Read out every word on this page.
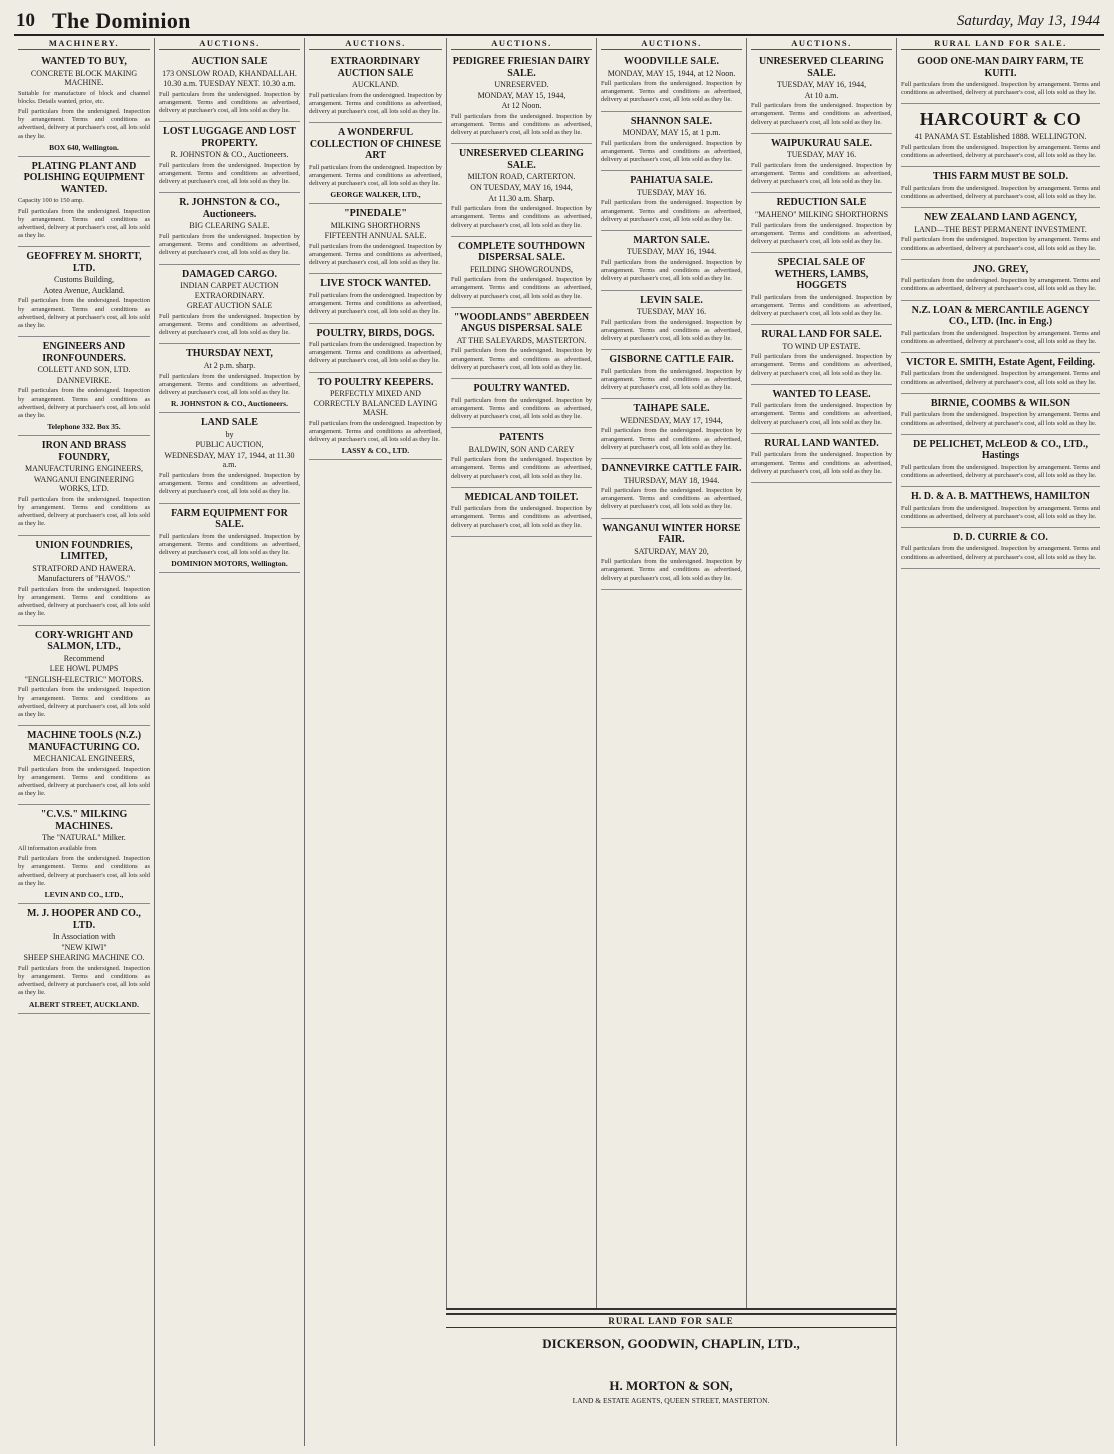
10 The Dominion	Saturday, May 13, 1944
MACHINERY.
WANTED TO BUY,
CONCRETE BLOCK MAKING MACHINE.
Suitable for manufacture of block and channel blocks. Details wanted, price, etc.
Full particulars from the undersigned. Inspection by arrangement. Terms and conditions as advertised, delivery at purchaser's cost, all lots sold as they lie.
BOX 640, Wellington.
PLATING PLANT AND POLISHING EQUIPMENT WANTED.
Capacity 100 to 150 amp.
Full particulars from the undersigned. Inspection by arrangement. Terms and conditions as advertised, delivery at purchaser's cost, all lots sold as they lie.
GEOFFREY M. SHORTT, LTD.
Customs Building,
Aotea Avenue, Auckland.
Full particulars from the undersigned. Inspection by arrangement. Terms and conditions as advertised, delivery at purchaser's cost, all lots sold as they lie.
ENGINEERS AND IRONFOUNDERS.
COLLETT AND SON, LTD.
DANNEVIRKE.
Full particulars from the undersigned. Inspection by arrangement. Terms and conditions as advertised, delivery at purchaser's cost, all lots sold as they lie.
Telephone 332. Box 35.
IRON AND BRASS FOUNDRY,
MANUFACTURING ENGINEERS,
WANGANUI ENGINEERING WORKS, LTD.
Full particulars from the undersigned. Inspection by arrangement. Terms and conditions as advertised, delivery at purchaser's cost, all lots sold as they lie.
UNION FOUNDRIES, LIMITED,
STRATFORD AND HAWERA.
Manufacturers of "HAVOS."
Full particulars from the undersigned. Inspection by arrangement. Terms and conditions as advertised, delivery at purchaser's cost, all lots sold as they lie.
CORY-WRIGHT AND SALMON, LTD.,
Recommend
LEE HOWL PUMPS
"ENGLISH-ELECTRIC" MOTORS.
Full particulars from the undersigned. Inspection by arrangement. Terms and conditions as advertised, delivery at purchaser's cost, all lots sold as they lie.
MACHINE TOOLS (N.Z.) MANUFACTURING CO.
MECHANICAL ENGINEERS,
Full particulars from the undersigned. Inspection by arrangement. Terms and conditions as advertised, delivery at purchaser's cost, all lots sold as they lie.
"C.V.S." MILKING MACHINES.
The "NATURAL" Milker.
All information available from
Full particulars from the undersigned. Inspection by arrangement. Terms and conditions as advertised, delivery at purchaser's cost, all lots sold as they lie.
LEVIN AND CO., LTD.,
M. J. HOOPER AND CO., LTD.
In Association with
"NEW KIWI"
SHEEP SHEARING MACHINE CO.
Full particulars from the undersigned. Inspection by arrangement. Terms and conditions as advertised, delivery at purchaser's cost, all lots sold as they lie.
ALBERT STREET, AUCKLAND.
AUCTIONS.
AUCTION SALE
173 ONSLOW ROAD, KHANDALLAH.
10.30 a.m. TUESDAY NEXT. 10.30 a.m.
Full particulars from the undersigned. Inspection by arrangement. Terms and conditions as advertised, delivery at purchaser's cost, all lots sold as they lie.
LOST LUGGAGE AND LOST PROPERTY.
R. JOHNSTON & CO., Auctioneers.
Full particulars from the undersigned. Inspection by arrangement. Terms and conditions as advertised, delivery at purchaser's cost, all lots sold as they lie.
R. JOHNSTON & CO., Auctioneers.
BIG CLEARING SALE.
Full particulars from the undersigned. Inspection by arrangement. Terms and conditions as advertised, delivery at purchaser's cost, all lots sold as they lie.
DAMAGED CARGO.
INDIAN CARPET AUCTION EXTRAORDINARY.
GREAT AUCTION SALE
Full particulars from the undersigned. Inspection by arrangement. Terms and conditions as advertised, delivery at purchaser's cost, all lots sold as they lie.
THURSDAY NEXT,
At 2 p.m. sharp.
Full particulars from the undersigned. Inspection by arrangement. Terms and conditions as advertised, delivery at purchaser's cost, all lots sold as they lie.
R. JOHNSTON & CO., Auctioneers.
LAND SALE
by
PUBLIC AUCTION,
WEDNESDAY, MAY 17, 1944, at 11.30 a.m.
Full particulars from the undersigned. Inspection by arrangement. Terms and conditions as advertised, delivery at purchaser's cost, all lots sold as they lie.
FARM EQUIPMENT FOR SALE.
Full particulars from the undersigned. Inspection by arrangement. Terms and conditions as advertised, delivery at purchaser's cost, all lots sold as they lie.
DOMINION MOTORS, Wellington.
AUCTIONS.
EXTRAORDINARY AUCTION SALE
AUCKLAND.
Full particulars from the undersigned. Inspection by arrangement. Terms and conditions as advertised, delivery at purchaser's cost, all lots sold as they lie.
A WONDERFUL COLLECTION OF CHINESE ART
Full particulars from the undersigned. Inspection by arrangement. Terms and conditions as advertised, delivery at purchaser's cost, all lots sold as they lie.
GEORGE WALKER, LTD.,
"PINEDALE"
MILKING SHORTHORNS
FIFTEENTH ANNUAL SALE.
Full particulars from the undersigned. Inspection by arrangement. Terms and conditions as advertised, delivery at purchaser's cost, all lots sold as they lie.
LIVE STOCK WANTED.
Full particulars from the undersigned. Inspection by arrangement. Terms and conditions as advertised, delivery at purchaser's cost, all lots sold as they lie.
POULTRY, BIRDS, DOGS.
Full particulars from the undersigned. Inspection by arrangement. Terms and conditions as advertised, delivery at purchaser's cost, all lots sold as they lie.
TO POULTRY KEEPERS.
PERFECTLY MIXED AND CORRECTLY BALANCED LAYING MASH.
Full particulars from the undersigned. Inspection by arrangement. Terms and conditions as advertised, delivery at purchaser's cost, all lots sold as they lie.
LASSY & CO., LTD.
AUCTIONS.
PEDIGREE FRIESIAN DAIRY SALE.
UNRESERVED.
MONDAY, MAY 15, 1944,
At 12 Noon.
Full particulars from the undersigned. Inspection by arrangement. Terms and conditions as advertised, delivery at purchaser's cost, all lots sold as they lie.
UNRESERVED CLEARING SALE.
MILTON ROAD, CARTERTON.
ON TUESDAY, MAY 16, 1944,
At 11.30 a.m. Sharp.
Full particulars from the undersigned. Inspection by arrangement. Terms and conditions as advertised, delivery at purchaser's cost, all lots sold as they lie.
COMPLETE SOUTHDOWN DISPERSAL SALE.
FEILDING SHOWGROUNDS,
Full particulars from the undersigned. Inspection by arrangement. Terms and conditions as advertised, delivery at purchaser's cost, all lots sold as they lie.
"WOODLANDS" ABERDEEN ANGUS DISPERSAL SALE
AT THE SALEYARDS, MASTERTON.
Full particulars from the undersigned. Inspection by arrangement. Terms and conditions as advertised, delivery at purchaser's cost, all lots sold as they lie.
POULTRY WANTED.
Full particulars from the undersigned. Inspection by arrangement. Terms and conditions as advertised, delivery at purchaser's cost, all lots sold as they lie.
PATENTS
BALDWIN, SON AND CAREY
Full particulars from the undersigned. Inspection by arrangement. Terms and conditions as advertised, delivery at purchaser's cost, all lots sold as they lie.
MEDICAL AND TOILET.
Full particulars from the undersigned. Inspection by arrangement. Terms and conditions as advertised, delivery at purchaser's cost, all lots sold as they lie.
AUCTIONS.
WOODVILLE SALE.
MONDAY, MAY 15, 1944, at 12 Noon.
Full particulars from the undersigned. Inspection by arrangement. Terms and conditions as advertised, delivery at purchaser's cost, all lots sold as they lie.
SHANNON SALE.
MONDAY, MAY 15, at 1 p.m.
Full particulars from the undersigned. Inspection by arrangement. Terms and conditions as advertised, delivery at purchaser's cost, all lots sold as they lie.
PAHIATUA SALE.
TUESDAY, MAY 16.
Full particulars from the undersigned. Inspection by arrangement. Terms and conditions as advertised, delivery at purchaser's cost, all lots sold as they lie.
MARTON SALE.
TUESDAY, MAY 16, 1944.
Full particulars from the undersigned. Inspection by arrangement. Terms and conditions as advertised, delivery at purchaser's cost, all lots sold as they lie.
LEVIN SALE.
TUESDAY, MAY 16.
Full particulars from the undersigned. Inspection by arrangement. Terms and conditions as advertised, delivery at purchaser's cost, all lots sold as they lie.
GISBORNE CATTLE FAIR.
Full particulars from the undersigned. Inspection by arrangement. Terms and conditions as advertised, delivery at purchaser's cost, all lots sold as they lie.
TAIHAPE SALE.
WEDNESDAY, MAY 17, 1944,
Full particulars from the undersigned. Inspection by arrangement. Terms and conditions as advertised, delivery at purchaser's cost, all lots sold as they lie.
DANNEVIRKE CATTLE FAIR.
THURSDAY, MAY 18, 1944.
Full particulars from the undersigned. Inspection by arrangement. Terms and conditions as advertised, delivery at purchaser's cost, all lots sold as they lie.
WANGANUI WINTER HORSE FAIR.
SATURDAY, MAY 20,
Full particulars from the undersigned. Inspection by arrangement. Terms and conditions as advertised, delivery at purchaser's cost, all lots sold as they lie.
AUCTIONS.
UNRESERVED CLEARING SALE.
TUESDAY, MAY 16, 1944,
At 10 a.m.
Full particulars from the undersigned. Inspection by arrangement. Terms and conditions as advertised, delivery at purchaser's cost, all lots sold as they lie.
WAIPUKURAU SALE.
TUESDAY, MAY 16.
Full particulars from the undersigned. Inspection by arrangement. Terms and conditions as advertised, delivery at purchaser's cost, all lots sold as they lie.
REDUCTION SALE
"MAHENO" MILKING SHORTHORNS
Full particulars from the undersigned. Inspection by arrangement. Terms and conditions as advertised, delivery at purchaser's cost, all lots sold as they lie.
SPECIAL SALE OF WETHERS, LAMBS, HOGGETS
Full particulars from the undersigned. Inspection by arrangement. Terms and conditions as advertised, delivery at purchaser's cost, all lots sold as they lie.
RURAL LAND FOR SALE.
TO WIND UP ESTATE.
Full particulars from the undersigned. Inspection by arrangement. Terms and conditions as advertised, delivery at purchaser's cost, all lots sold as they lie.
WANTED TO LEASE.
Full particulars from the undersigned. Inspection by arrangement. Terms and conditions as advertised, delivery at purchaser's cost, all lots sold as they lie.
RURAL LAND WANTED.
Full particulars from the undersigned. Inspection by arrangement. Terms and conditions as advertised, delivery at purchaser's cost, all lots sold as they lie.
RURAL LAND FOR SALE.
GOOD ONE-MAN DAIRY FARM, TE KUITI.
Full particulars from the undersigned. Inspection by arrangement. Terms and conditions as advertised, delivery at purchaser's cost, all lots sold as they lie.
HARCOURT & CO
41 PANAMA ST. Established 1888. WELLINGTON.
Full particulars from the undersigned. Inspection by arrangement. Terms and conditions as advertised, delivery at purchaser's cost, all lots sold as they lie.
THIS FARM MUST BE SOLD.
Full particulars from the undersigned. Inspection by arrangement. Terms and conditions as advertised, delivery at purchaser's cost, all lots sold as they lie.
NEW ZEALAND LAND AGENCY,
LAND—THE BEST PERMANENT INVESTMENT.
Full particulars from the undersigned. Inspection by arrangement. Terms and conditions as advertised, delivery at purchaser's cost, all lots sold as they lie.
JNO. GREY,
Full particulars from the undersigned. Inspection by arrangement. Terms and conditions as advertised, delivery at purchaser's cost, all lots sold as they lie.
N.Z. LOAN & MERCANTILE AGENCY CO., LTD. (Inc. in Eng.)
Full particulars from the undersigned. Inspection by arrangement. Terms and conditions as advertised, delivery at purchaser's cost, all lots sold as they lie.
VICTOR E. SMITH, Estate Agent, Feilding.
Full particulars from the undersigned. Inspection by arrangement. Terms and conditions as advertised, delivery at purchaser's cost, all lots sold as they lie.
BIRNIE, COOMBS & WILSON
Full particulars from the undersigned. Inspection by arrangement. Terms and conditions as advertised, delivery at purchaser's cost, all lots sold as they lie.
DE PELICHET, McLEOD & CO., LTD., Hastings
Full particulars from the undersigned. Inspection by arrangement. Terms and conditions as advertised, delivery at purchaser's cost, all lots sold as they lie.
H. D. & A. B. MATTHEWS, HAMILTON
Full particulars from the undersigned. Inspection by arrangement. Terms and conditions as advertised, delivery at purchaser's cost, all lots sold as they lie.
D. D. CURRIE & CO.
Full particulars from the undersigned. Inspection by arrangement. Terms and conditions as advertised, delivery at purchaser's cost, all lots sold as they lie.
RURAL LAND FOR SALE
DICKERSON, GOODWIN, CHAPLIN, LTD.,
H. MORTON & SON,
LAND & ESTATE AGENTS, QUEEN STREET, MASTERTON.
